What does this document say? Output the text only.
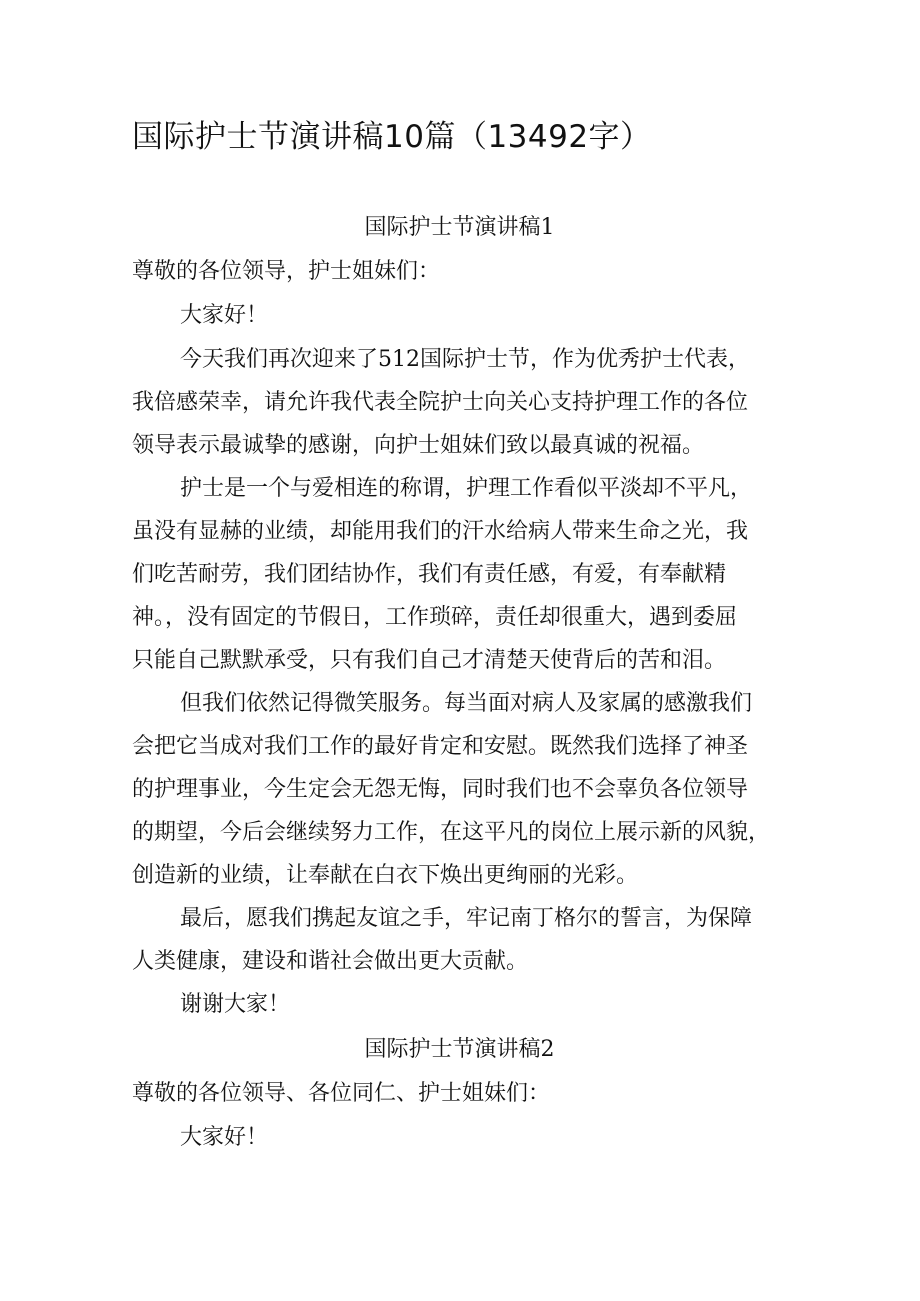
国际护士节演讲稿10篇（13492字）

国际护士节演讲稿1

尊敬的各位领导，护士姐妹们：

大家好！

今天我们再次迎来了512国际护士节，作为优秀护士代表，

我倍感荣幸，请允许我代表全院护士向关心支持护理工作的各位

领导表示最诚挚的感谢，向护士姐妹们致以最真诚的祝福。

护士是一个与爱相连的称谓，护理工作看似平淡却不平凡，

虽没有显赫的业绩，却能用我们的汗水给病人带来生命之光，我

们吃苦耐劳，我们团结协作，我们有责任感，有爱，有奉献精

神。，没有固定的节假日，工作琐碎，责任却很重大，遇到委屈

只能自己默默承受，只有我们自己才清楚天使背后的苦和泪。

但我们依然记得微笑服务。每当面对病人及家属的感激我们

会把它当成对我们工作的最好肯定和安慰。既然我们选择了神圣

的护理事业，今生定会无怨无悔，同时我们也不会辜负各位领导

的期望，今后会继续努力工作，在这平凡的岗位上展示新的风貌，

创造新的业绩，让奉献在白衣下焕出更绚丽的光彩。

最后，愿我们携起友谊之手，牢记南丁格尔的誓言，为保障

人类健康，建设和谐社会做出更大贡献。

谢谢大家！

国际护士节演讲稿2

尊敬的各位领导、各位同仁、护士姐妹们：

大家好！
